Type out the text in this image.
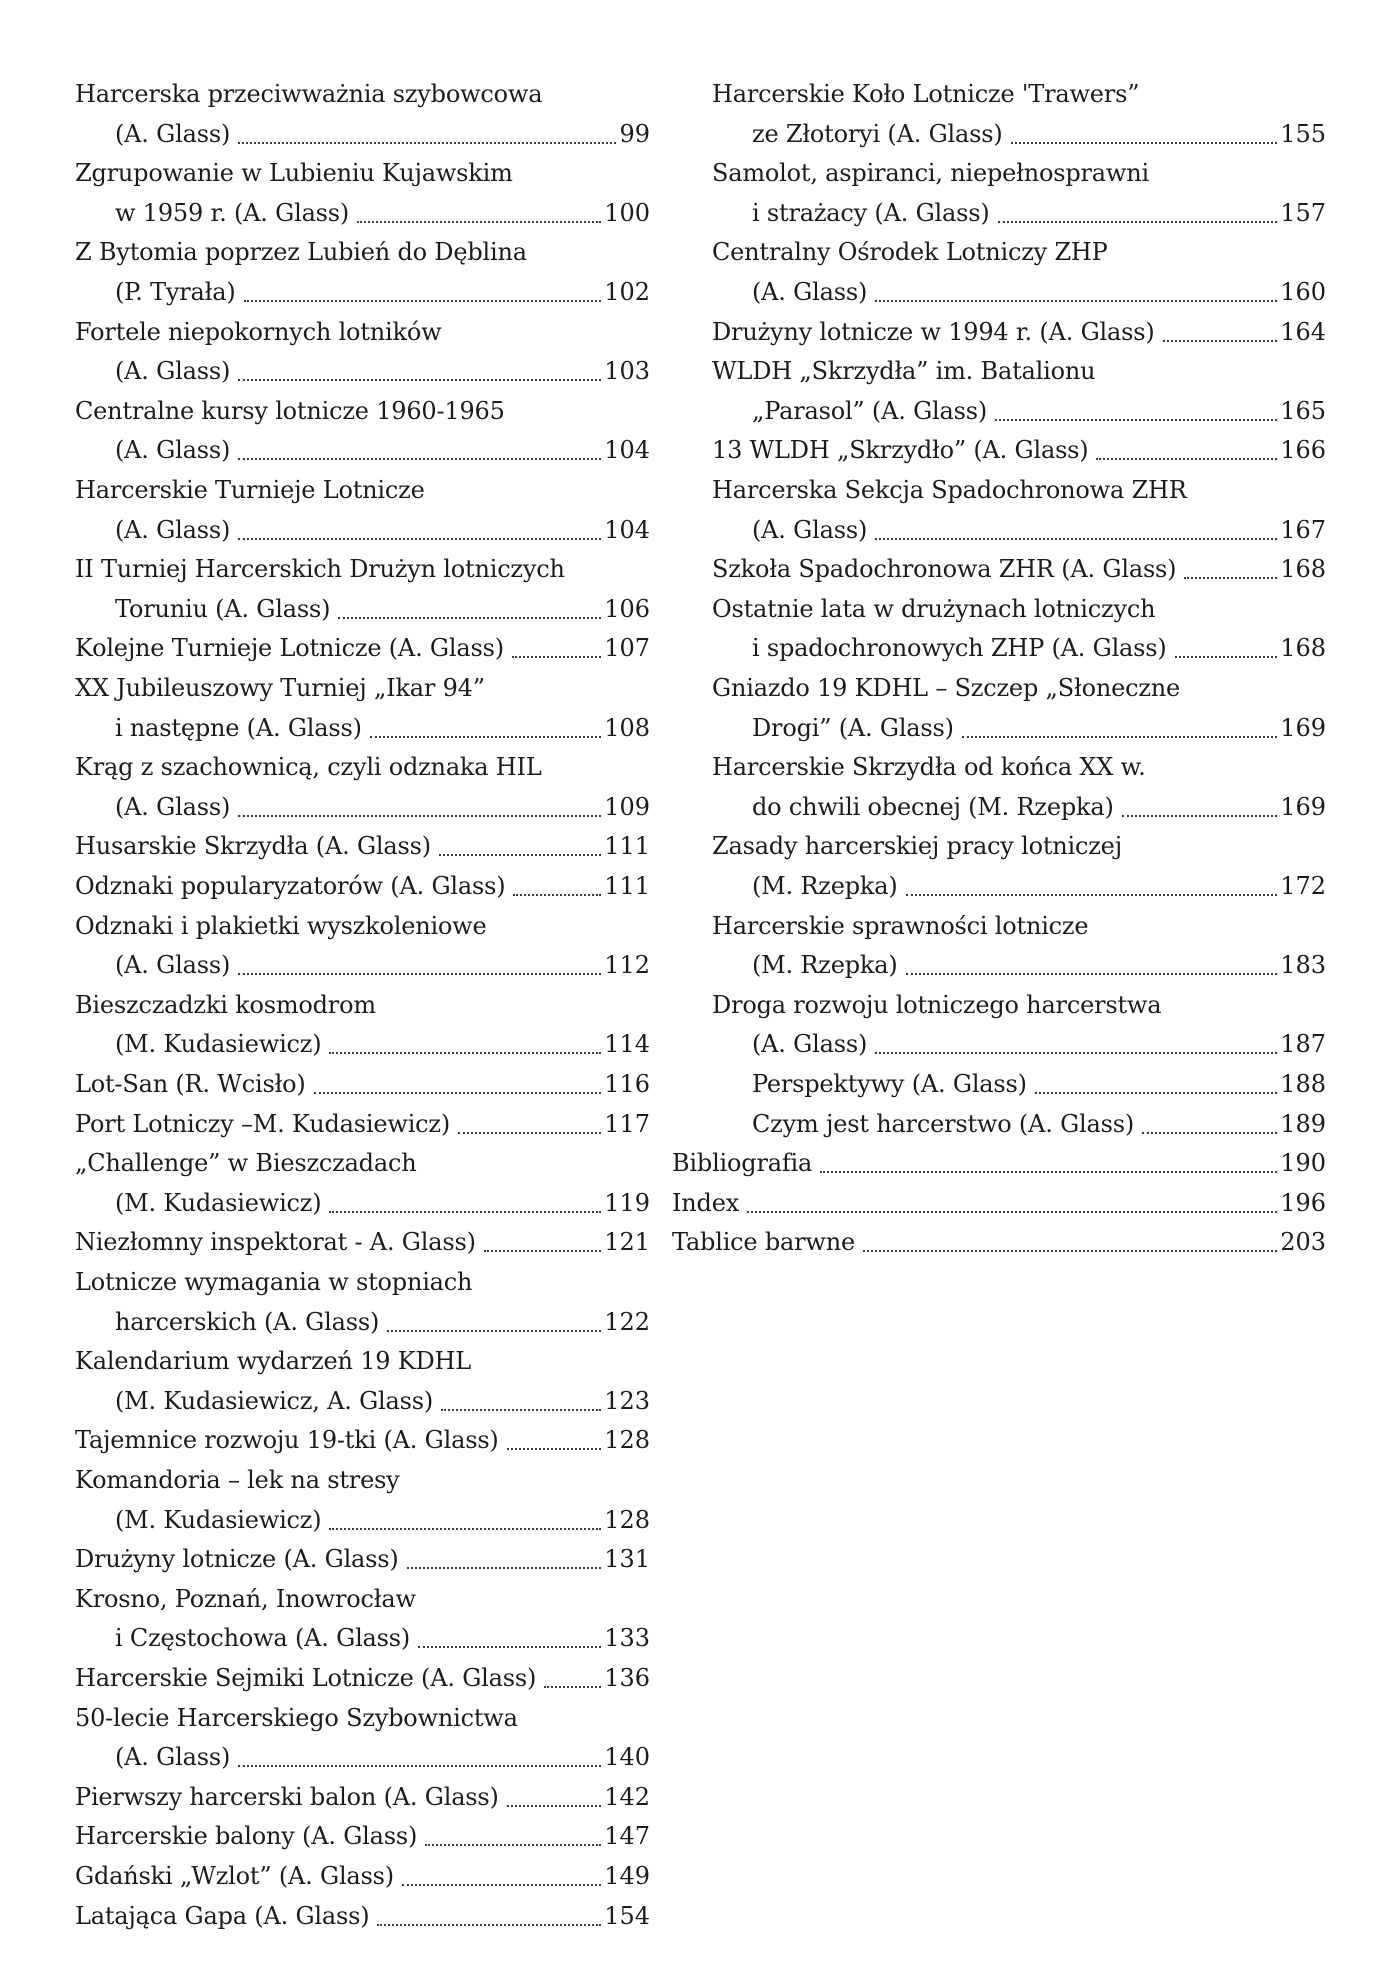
Harcerska przeciwważnia szybowcowa
(A. Glass)	99
Zgrupowanie w Lubieniu Kujawskim
w 1959 r. (A. Glass)	100
Z Bytomia poprzez Lubień do Dęblina
(P. Tyrała)	102
Fortele niepokornych lotników
(A. Glass)	103
Centralne kursy lotnicze 1960-1965
(A. Glass)	104
Harcerskie Turnieje Lotnicze
(A. Glass)	104
II Turniej Harcerskich Drużyn lotniczych
Toruniu (A. Glass)	106
Kolejne Turnieje Lotnicze (A. Glass)	107
XX Jubileuszowy Turniej „Ikar 94”
i następne (A. Glass)	108
Krąg z szachownicą, czyli odznaka HIL
(A. Glass)	109
Husarskie Skrzydła (A. Glass)	111
Odznaki popularyzatorów (A. Glass)	111
Odznaki i plakietki wyszkoleniowe
(A. Glass)	112
Bieszczadzki kosmodrom
(M. Kudasiewicz)	114
Lot-San (R. Wcisło)	116
Port Lotniczy –M. Kudasiewicz)	117
„Challenge” w Bieszczadach
(M. Kudasiewicz)	119
Niezłomny inspektorat - A. Glass)	121
Lotnicze wymagania w stopniach
harcerskich (A. Glass)	122
Kalendarium wydarzeń 19 KDHL
(M. Kudasiewicz, A. Glass)	123
Tajemnice rozwoju 19-tki (A. Glass)	128
Komandoria – lek na stresy
(M. Kudasiewicz)	128
Drużyny lotnicze (A. Glass)	131
Krosno, Poznań, Inowrocław
i Częstochowa (A. Glass)	133
Harcerskie Sejmiki Lotnicze (A. Glass)	136
50-lecie Harcerskiego Szybownictwa
(A. Glass)	140
Pierwszy harcerski balon (A. Glass)	142
Harcerskie balony (A. Glass)	147
Gdański „Wzlot” (A. Glass)	149
Latająca Gapa (A. Glass)	154
Harcerskie Koło Lotnicze 'Trawers”
ze Złotoryi (A. Glass)	155
Samolot, aspiranci, niepełnosprawni
i strażacy (A. Glass)	157
Centralny Ośrodek Lotniczy ZHP
(A. Glass)	160
Drużyny lotnicze w 1994 r. (A. Glass)	164
WLDH „Skrzydła” im. Batalionu
„Parasol” (A. Glass)	165
13 WLDH „Skrzydło” (A. Glass)	166
Harcerska Sekcja Spadochronowa ZHR
(A. Glass)	167
Szkoła Spadochronowa ZHR (A. Glass)	168
Ostatnie lata w drużynach lotniczych
i spadochronowych ZHP (A. Glass)	168
Gniazdo 19 KDHL – Szczep „Słoneczne
Drogi” (A. Glass)	169
Harcerskie Skrzydła od końca XX w.
do chwili obecnej (M. Rzepka)	169
Zasady harcerskiej pracy lotniczej
(M. Rzepka)	172
Harcerskie sprawności lotnicze
(M. Rzepka)	183
Droga rozwoju lotniczego harcerstwa
(A. Glass)	187
Perspektywy (A. Glass)	188
Czym jest harcerstwo (A. Glass)	189
Bibliografia	190
Index	196
Tablice barwne	203
